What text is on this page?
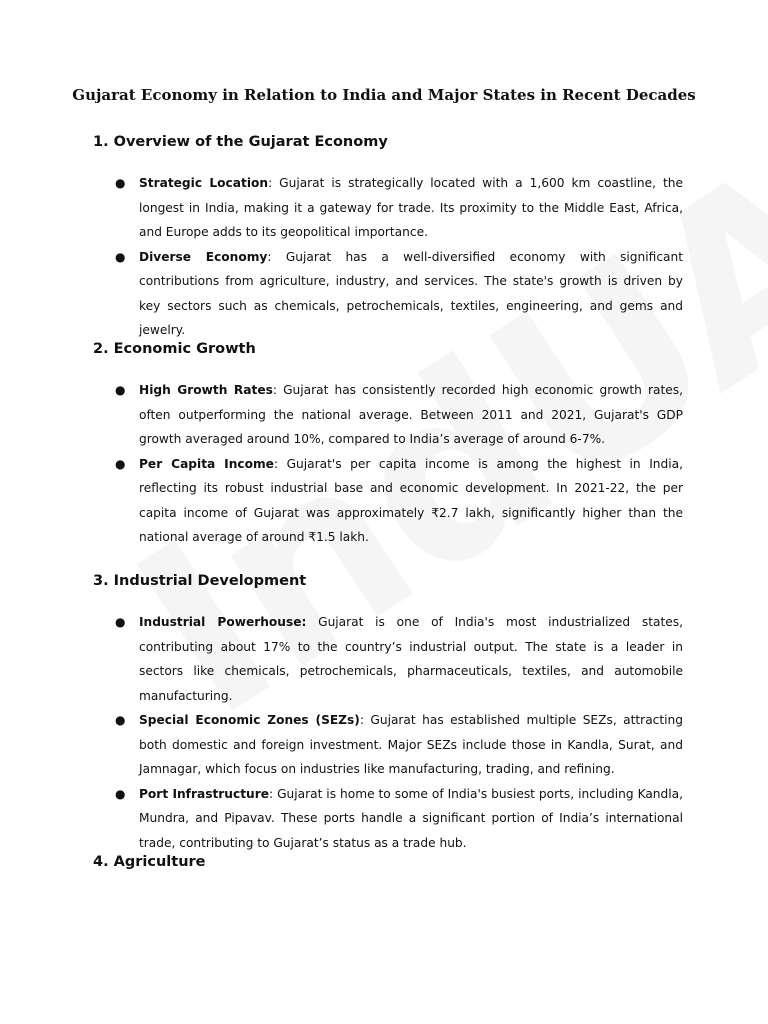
Gujarat Economy in Relation to India and Major States in Recent Decades
1. Overview of the Gujarat Economy
● Strategic Location: Gujarat is strategically located with a 1,600 km coastline, the longest in India, making it a gateway for trade. Its proximity to the Middle East, Africa, and Europe adds to its geopolitical importance.
● Diverse Economy: Gujarat has a well-diversified economy with significant contributions from agriculture, industry, and services. The state's growth is driven by key sectors such as chemicals, petrochemicals, textiles, engineering, and gems and jewelry.
2. Economic Growth
● High Growth Rates: Gujarat has consistently recorded high economic growth rates, often outperforming the national average. Between 2011 and 2021, Gujarat's GDP growth averaged around 10%, compared to India’s average of around 6-7%.
● Per Capita Income: Gujarat's per capita income is among the highest in India, reflecting its robust industrial base and economic development. In 2021-22, the per capita income of Gujarat was approximately ₹2.7 lakh, significantly higher than the national average of around ₹1.5 lakh.
3. Industrial Development
● Industrial Powerhouse: Gujarat is one of India's most industrialized states, contributing about 17% to the country’s industrial output. The state is a leader in sectors like chemicals, petrochemicals, pharmaceuticals, textiles, and automobile manufacturing.
● Special Economic Zones (SEZs): Gujarat has established multiple SEZs, attracting both domestic and foreign investment. Major SEZs include those in Kandla, Surat, and Jamnagar, which focus on industries like manufacturing, trading, and refining.
● Port Infrastructure: Gujarat is home to some of India's busiest ports, including Kandla, Mundra, and Pipavav. These ports handle a significant portion of India’s international trade, contributing to Gujarat’s status as a trade hub.
4. Agriculture
